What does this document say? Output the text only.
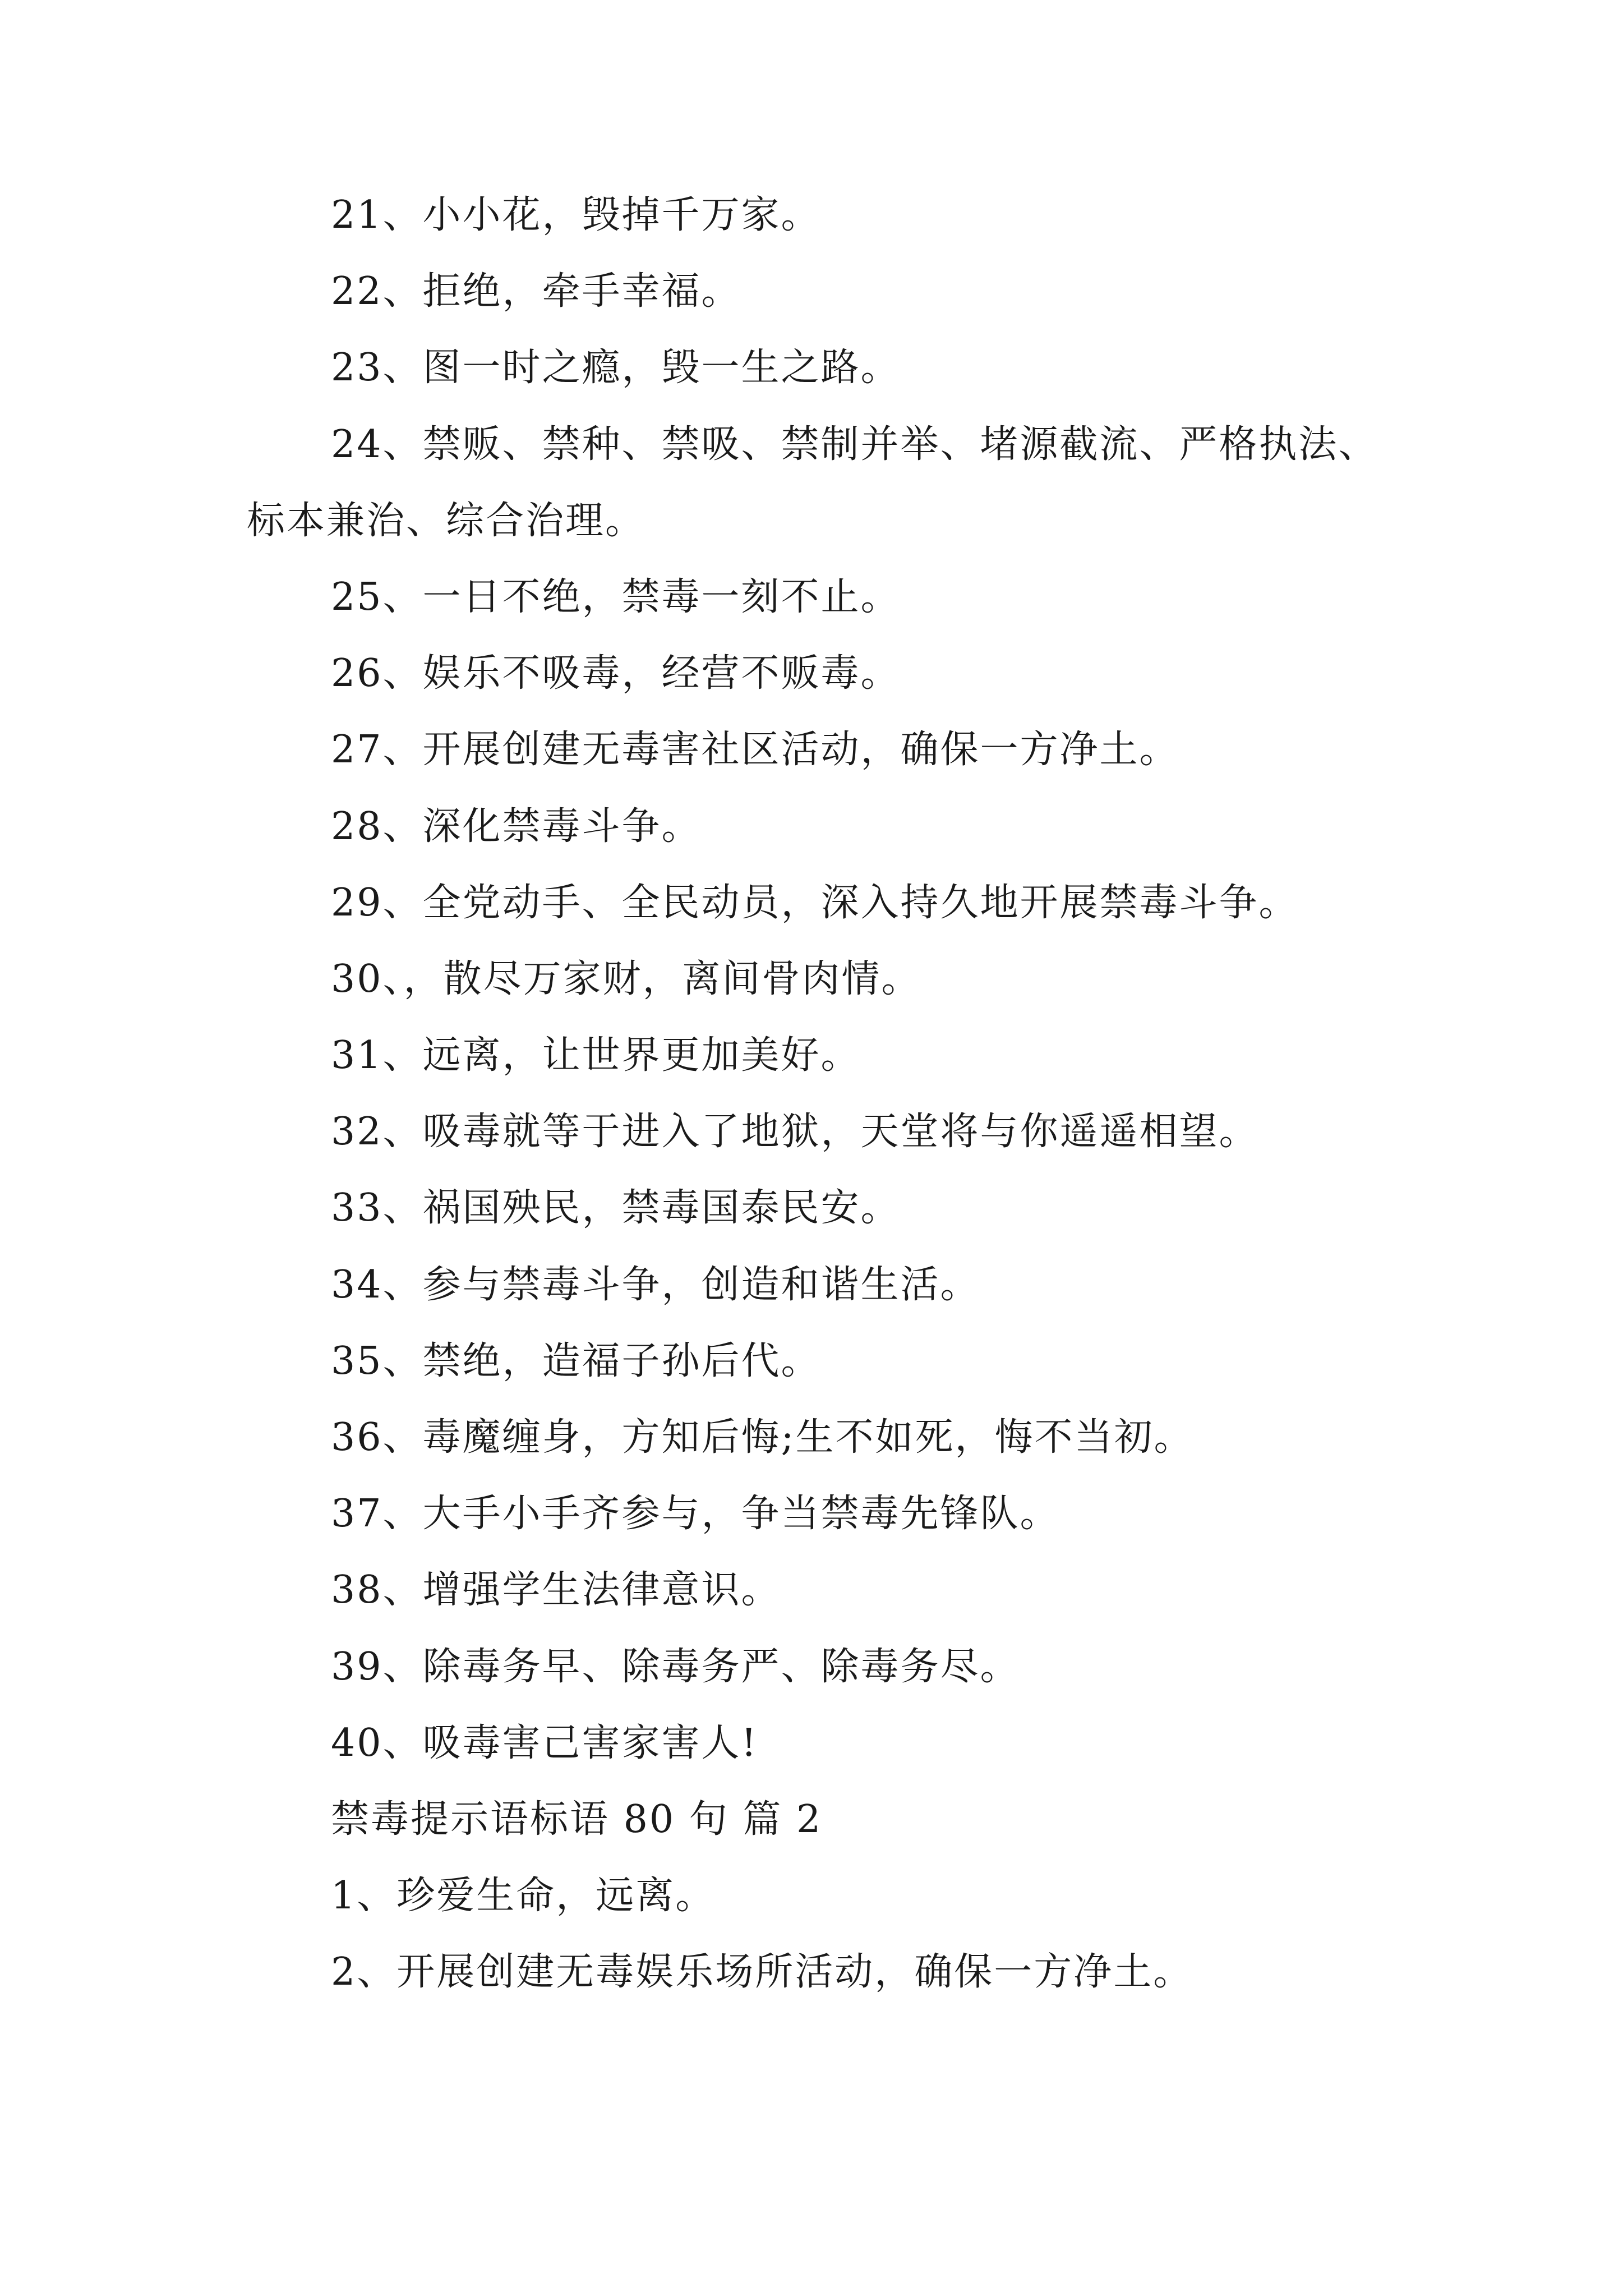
21、小小花，毁掉千万家。
22、拒绝，牵手幸福。
23、图一时之瘾，毁一生之路。
24、禁贩、禁种、禁吸、禁制并举、堵源截流、严格执法、标本兼治、综合治理。
25、一日不绝，禁毒一刻不止。
26、娱乐不吸毒，经营不贩毒。
27、开展创建无毒害社区活动，确保一方净土。
28、深化禁毒斗争。
29、全党动手、全民动员，深入持久地开展禁毒斗争。
30、，散尽万家财，离间骨肉情。
31、远离，让世界更加美好。
32、吸毒就等于进入了地狱，天堂将与你遥遥相望。
33、祸国殃民，禁毒国泰民安。
34、参与禁毒斗争，创造和谐生活。
35、禁绝，造福子孙后代。
36、毒魔缠身，方知后悔;生不如死，悔不当初。
37、大手小手齐参与，争当禁毒先锋队。
38、增强学生法律意识。
39、除毒务早、除毒务严、除毒务尽。
40、吸毒害己害家害人!
禁毒提示语标语 80 句 篇 2
1、珍爱生命，远离。
2、开展创建无毒娱乐场所活动，确保一方净土。
